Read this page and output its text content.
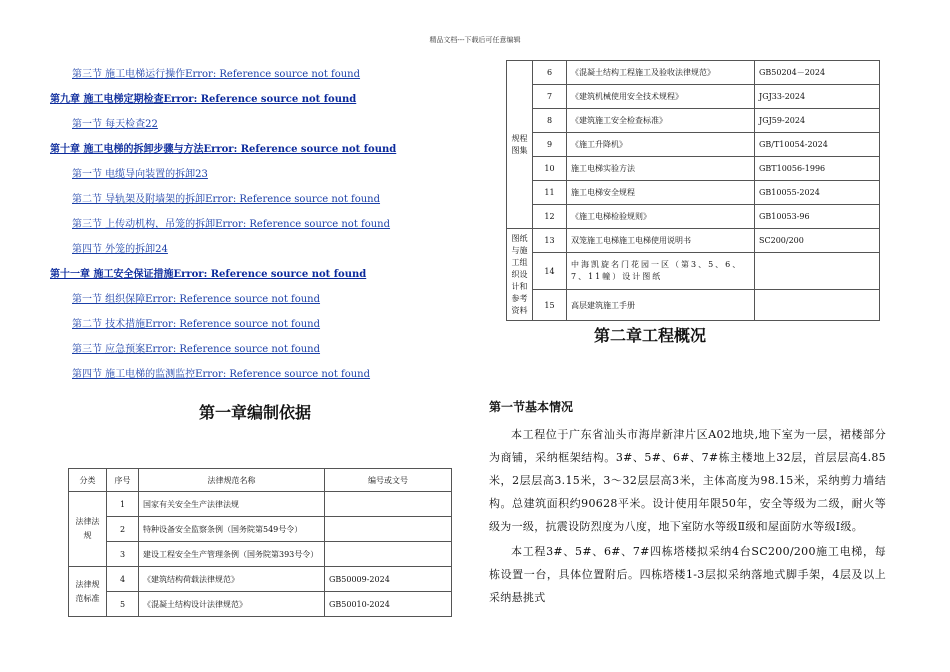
精品文档---下载后可任意编辑
第三节 施工电梯运行操作Error: Reference source not found
第九章 施工电梯定期检查Error: Reference source not found
第一节 每天检查22
第十章 施工电梯的拆卸步骤与方法Error: Reference source not found
第一节 电缆导向装置的拆卸23
第二节 导轨架及附墙架的拆卸Error: Reference source not found
第三节 上传动机构，吊笼的拆卸Error: Reference source not found
第四节 外笼的拆卸24
第十一章 施工安全保证措施Error: Reference source not found
第一节 组织保障Error: Reference source not found
第二节 技术措施Error: Reference source not found
第三节 应急预案Error: Reference source not found
第四节 施工电梯的监测监控Error: Reference source not found
第一章编制依据
分类	序号	法律规范名称	编号或文号
法律法规	1	国家有关安全生产法律法规	
	2	特种设备安全监察条例（国务院第549号令）	
	3	建设工程安全生产管理条例（国务院第393号令）	
法律规范标准	4	《建筑结构荷载法律规范》	GB50009-2024
	5	《混凝土结构设计法律规范》	GB50010-2024
规程图集	6	《混凝土结构工程施工及验收法律规范》	GB50204－2024
	7	《建筑机械使用安全技术规程》	JGJ33-2024
	8	《建筑施工安全检查标准》	JGJ59-2024
	9	《施工升降机》	GB/T10054-2024
	10	施工电梯实验方法	GBT10056-1996
	11	施工电梯安全规程	GB10055-2024
	12	《施工电梯检验规则》	GB10053-96
图纸与施工组织设计和参考资料	13	双笼施工电梯施工电梯使用说明书	SC200/200
	14	中海凯旋名门花园一区（第3、5、6、7、11幢）设计图纸	
	15	高层建筑施工手册	
第二章工程概况
第一节基本情况

本工程位于广东省汕头市海岸新津片区A02地块,地下室为一层，裙楼部分为商铺，采纳框架结构。3#、5#、6#、7#栋主楼地上32层，首层层高4.85米，2层层高3.15米，3～32层层高3米，主体高度为98.15米，采纳剪力墙结构。总建筑面积约90628平米。设计使用年限50年，安全等级为二级，耐火等级为一级，抗震设防烈度为八度，地下室防水等级Ⅱ级和屋面防水等级Ⅰ级。

本工程3#、5#、6#、7#四栋塔楼拟采纳4台SC200/200施工电梯，每栋设置一台，具体位置附后。四栋塔楼1-3层拟采纳落地式脚手架，4层及以上采纳悬挑式
